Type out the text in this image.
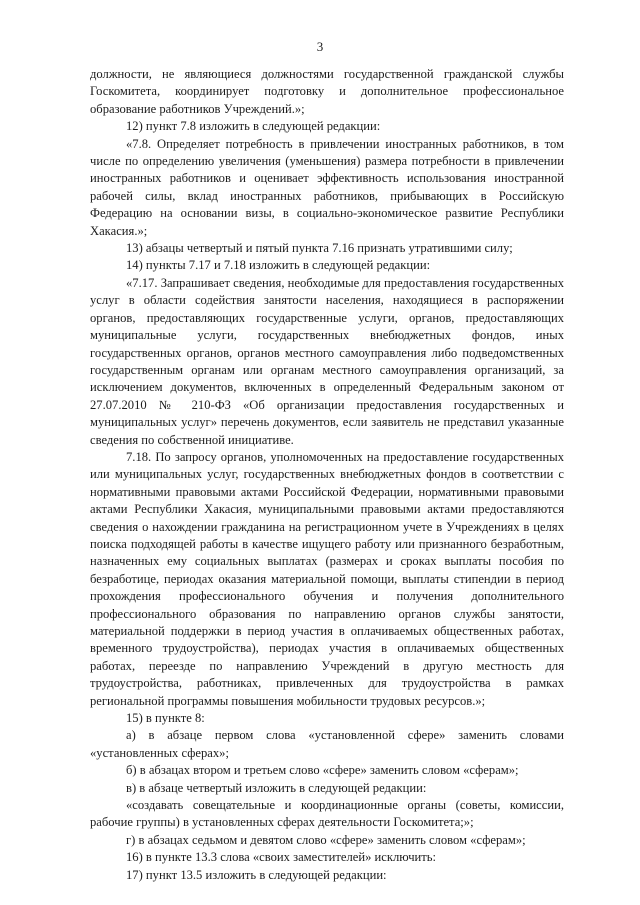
3

должности, не являющиеся должностями государственной гражданской службы Госкомитета, координирует подготовку и дополнительное профессиональное образование работников Учреждений.»;

12) пункт 7.8 изложить в следующей редакции:

«7.8. Определяет потребность в привлечении иностранных работников, в том числе по определению увеличения (уменьшения) размера потребности в привлечении иностранных работников и оценивает эффективность использования иностранной рабочей силы, вклад иностранных работников, прибывающих в Российскую Федерацию на основании визы, в социально-экономическое развитие Республики Хакасия.»;

13) абзацы четвертый и пятый пункта 7.16 признать утратившими силу;

14) пункты 7.17 и 7.18 изложить в следующей редакции:

«7.17. Запрашивает сведения, необходимые для предоставления государственных услуг в области содействия занятости населения, находящиеся в распоряжении органов, предоставляющих государственные услуги, органов, предоставляющих муниципальные услуги, государственных внебюджетных фондов, иных государственных органов, органов местного самоуправления либо подведомственных государственным органам или органам местного самоуправления организаций, за исключением документов, включенных в определенный Федеральным законом от 27.07.2010 № 210-ФЗ «Об организации предоставления государственных и муниципальных услуг» перечень документов, если заявитель не представил указанные сведения по собственной инициативе.

7.18. По запросу органов, уполномоченных на предоставление государственных или муниципальных услуг, государственных внебюджетных фондов в соответствии с нормативными правовыми актами Российской Федерации, нормативными правовыми актами Республики Хакасия, муниципальными правовыми актами предоставляются сведения о нахождении гражданина на регистрационном учете в Учреждениях в целях поиска подходящей работы в качестве ищущего работу или признанного безработным, назначенных ему социальных выплатах (размерах и сроках выплаты пособия по безработице, периодах оказания материальной помощи, выплаты стипендии в период прохождения профессионального обучения и получения дополнительного профессионального образования по направлению органов службы занятости, материальной поддержки в период участия в оплачиваемых общественных работах, временного трудоустройства), периодах участия в оплачиваемых общественных работах, переезде по направлению Учреждений в другую местность для трудоустройства, работниках, привлеченных для трудоустройства в рамках региональной программы повышения мобильности трудовых ресурсов.»;

15) в пункте 8:

а) в абзаце первом слова «установленной сфере» заменить словами «установленных сферах»;

б) в абзацах втором и третьем слово «сфере» заменить словом «сферам»;

в) в абзаце четвертый изложить в следующей редакции:

«создавать совещательные и координационные органы (советы, комиссии, рабочие группы) в установленных сферах деятельности Госкомитета;»;

г) в абзацах седьмом и девятом слово «сфере» заменить словом «сферам»;

16) в пункте 13.3 слова «своих заместителей» исключить:

17) пункт 13.5 изложить в следующей редакции:
